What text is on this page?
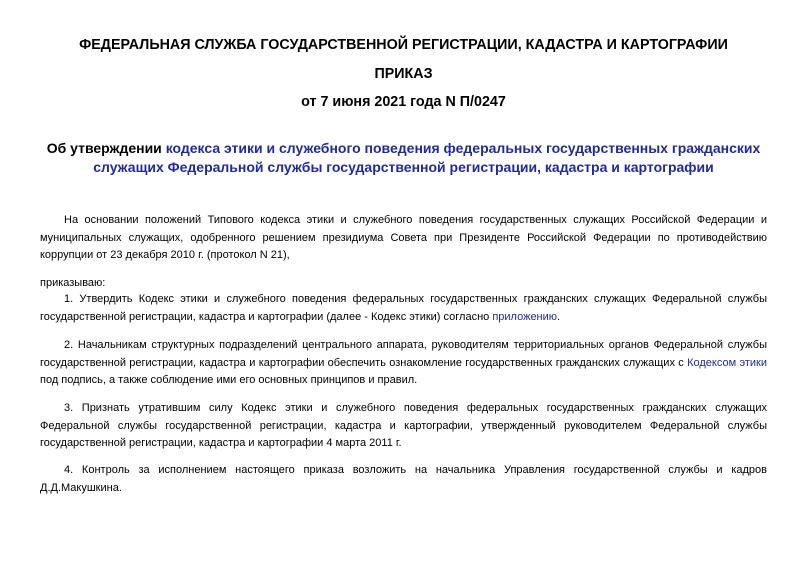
ФЕДЕРАЛЬНАЯ СЛУЖБА ГОСУДАРСТВЕННОЙ РЕГИСТРАЦИИ, КАДАСТРА И КАРТОГРАФИИ
ПРИКАЗ
от 7 июня 2021 года N П/0247
Об утверждении кодекса этики и служебного поведения федеральных государственных гражданских служащих Федеральной службы государственной регистрации, кадастра и картографии

На основании положений Типового кодекса этики и служебного поведения государственных служащих Российской Федерации и муниципальных служащих, одобренного решением президиума Совета при Президенте Российской Федерации по противодействию коррупции от 23 декабря 2010 г. (протокол N 21),

приказываю:

1. Утвердить Кодекс этики и служебного поведения федеральных государственных гражданских служащих Федеральной службы государственной регистрации, кадастра и картографии (далее - Кодекс этики) согласно приложению.

2. Начальникам структурных подразделений центрального аппарата, руководителям территориальных органов Федеральной службы государственной регистрации, кадастра и картографии обеспечить ознакомление государственных гражданских служащих с Кодексом этики под подпись, а также соблюдение ими его основных принципов и правил.

3. Признать утратившим силу Кодекс этики и служебного поведения федеральных государственных гражданских служащих Федеральной службы государственной регистрации, кадастра и картографии, утвержденный руководителем Федеральной службы государственной регистрации, кадастра и картографии 4 марта 2011 г.

4. Контроль за исполнением настоящего приказа возложить на начальника Управления государственной службы и кадров Д.Д.Макушкина.
